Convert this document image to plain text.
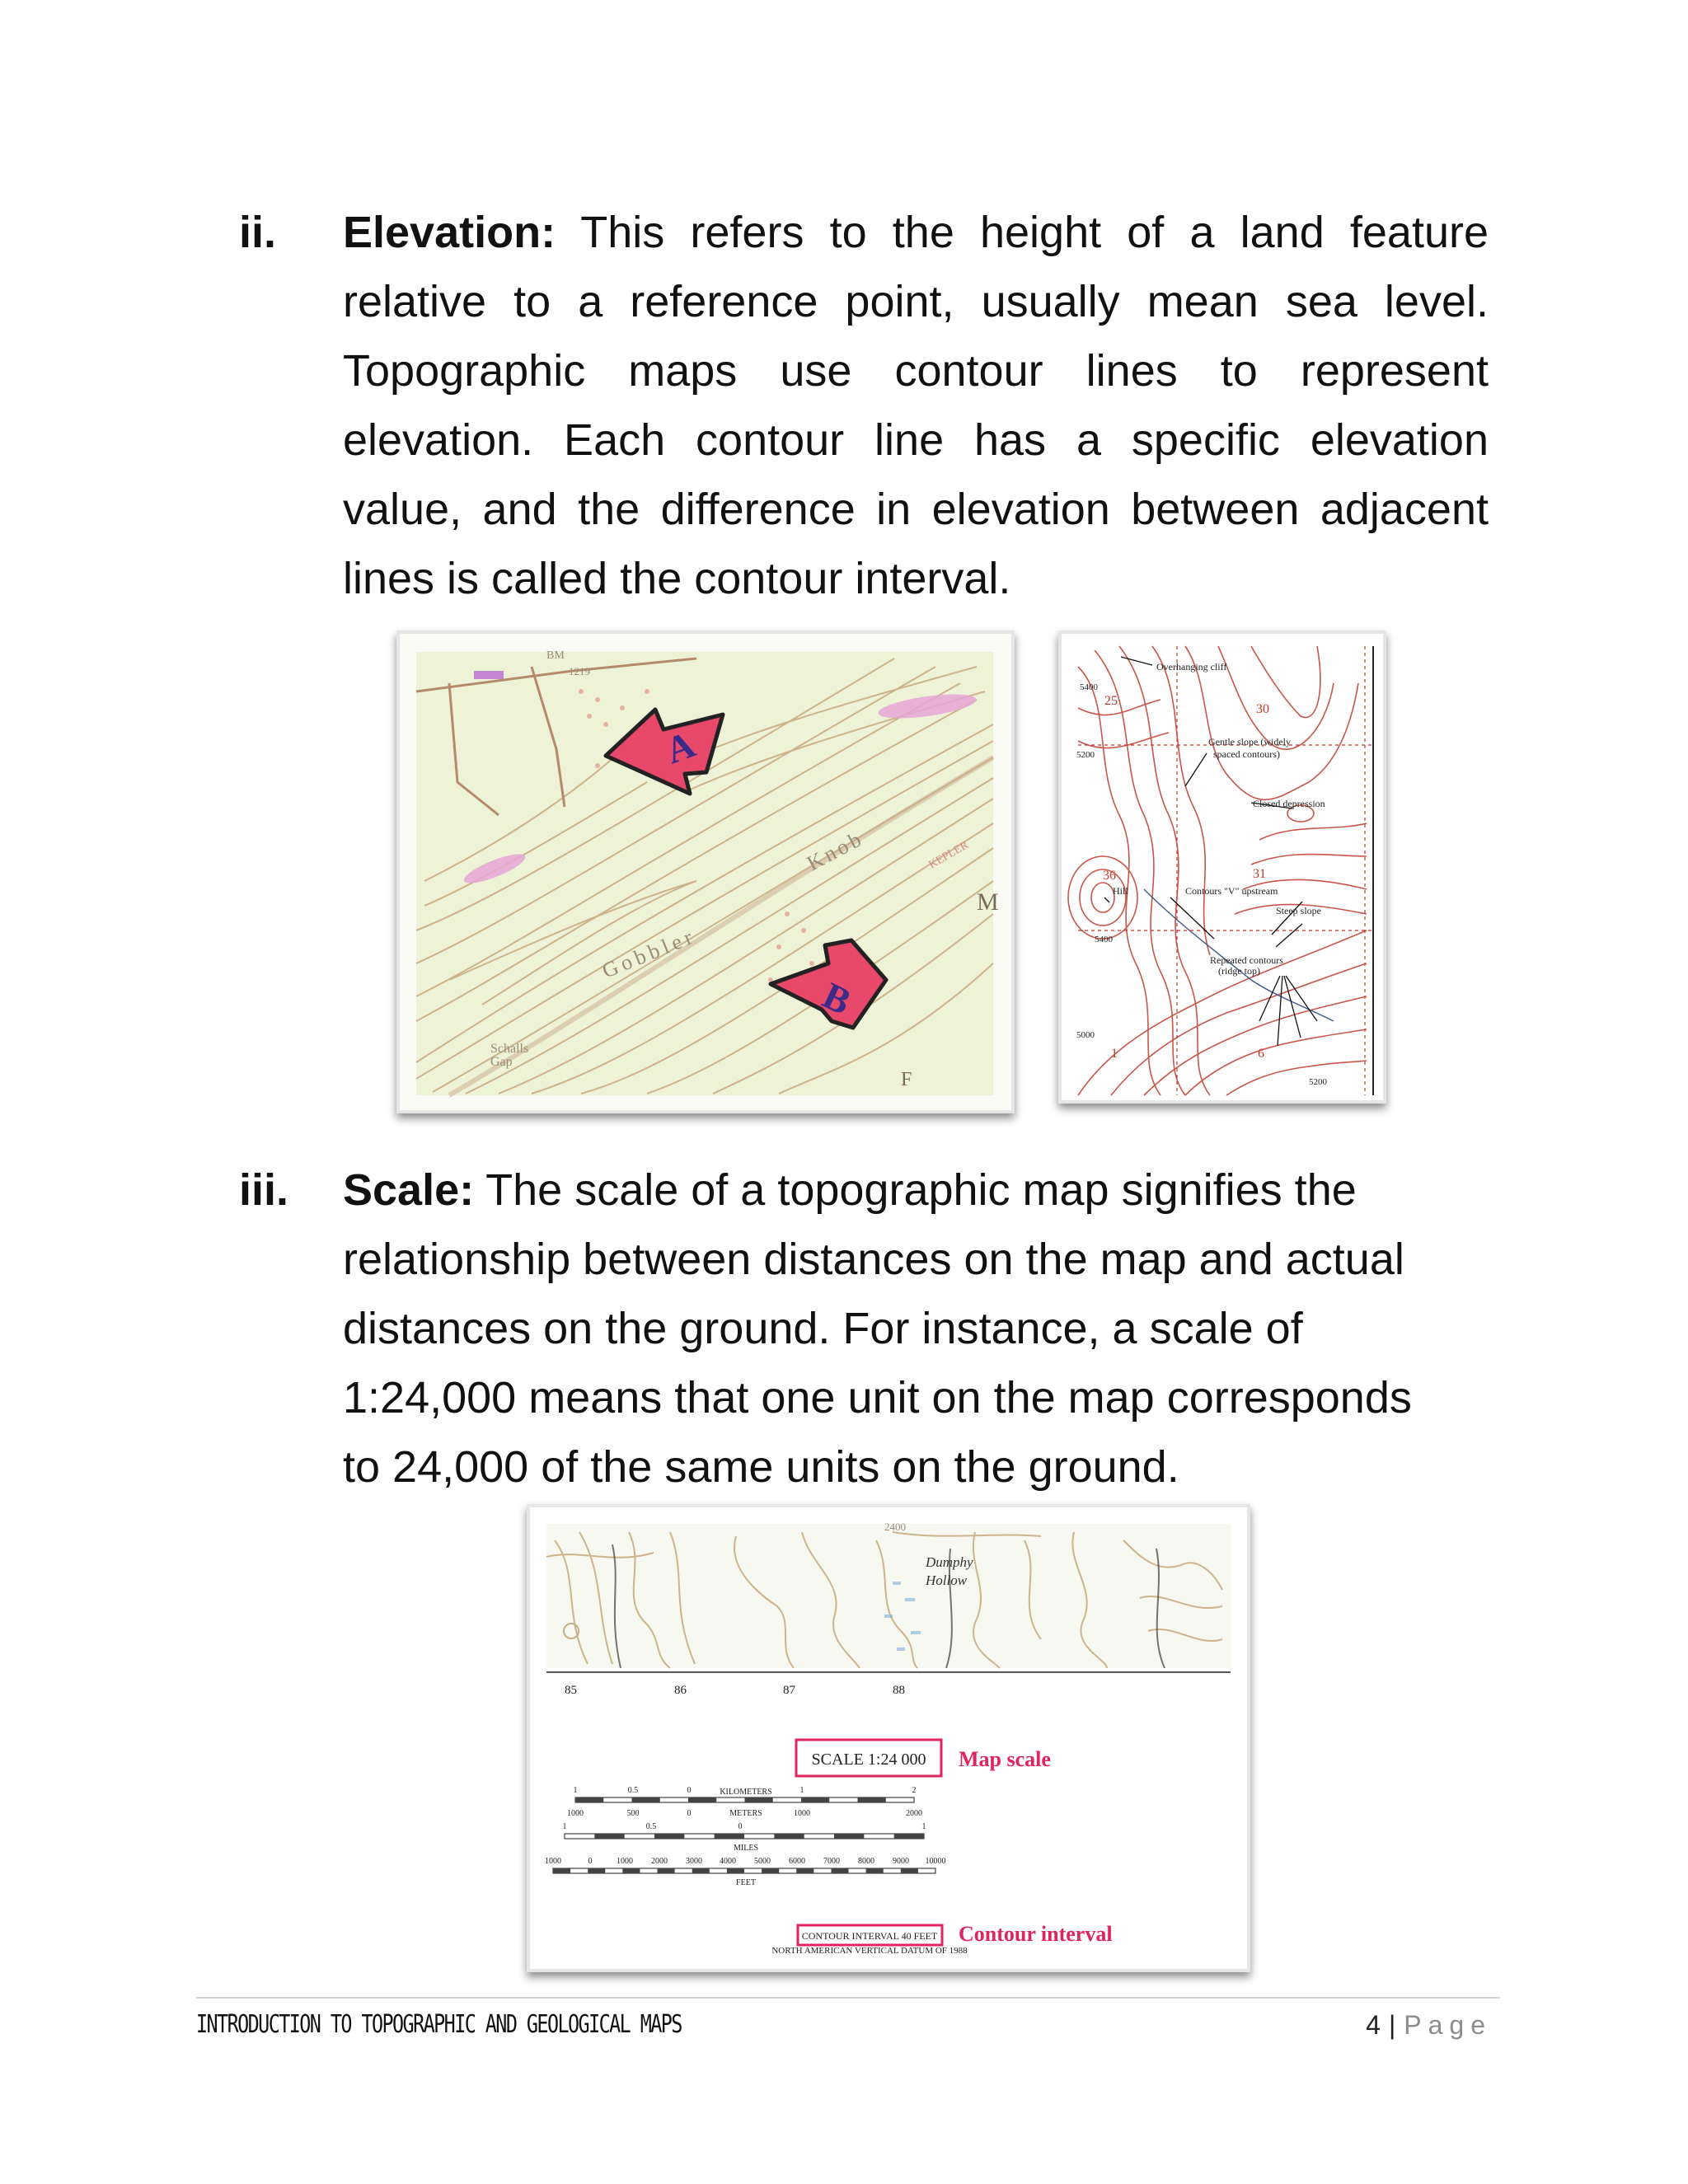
ii. Elevation: This refers to the height of a land feature relative to a reference point, usually mean sea level. Topographic maps use contour lines to represent elevation. Each contour line has a specific elevation value, and the difference in elevation between adjacent lines is called the contour interval.
A
B
BM
1219
Knob
Gobbler
M
KEPLER
Schalls
Gap
F
Overhanging cliff
Gentle slope (widely
spaced contours)
Closed depression
Hill	Contours "V" upstream
Steep slope
Repeated contours
(ridge top)
5400
5200
5400
5000
5200
25
30
36	31
1	6
iii. Scale: The scale of a topographic map signifies the
relationship between distances on the map and actual
distances on the ground. For instance, a scale of
1:24,000 means that one unit on the map corresponds
to 24,000 of the same units on the ground.
2400
Dumphy
Hollow
85	86	87	88
SCALE 1:24 000 Map scale
1	0.5	0	1	2
KILOMETERS
1000	500	0	1000	2000
METERS
1	0.5	0	1
MILES
1000	0	1000 2000 3000 4000 5000 6000 7000 8000 9000 10000
FEET
CONTOUR INTERVAL 40 FEET
NORTH AMERICAN VERTICAL DATUM OF 1988
Contour interval
INTRODUCTION TO TOPOGRAPHIC AND GEOLOGICAL MAPS	4 | Page
